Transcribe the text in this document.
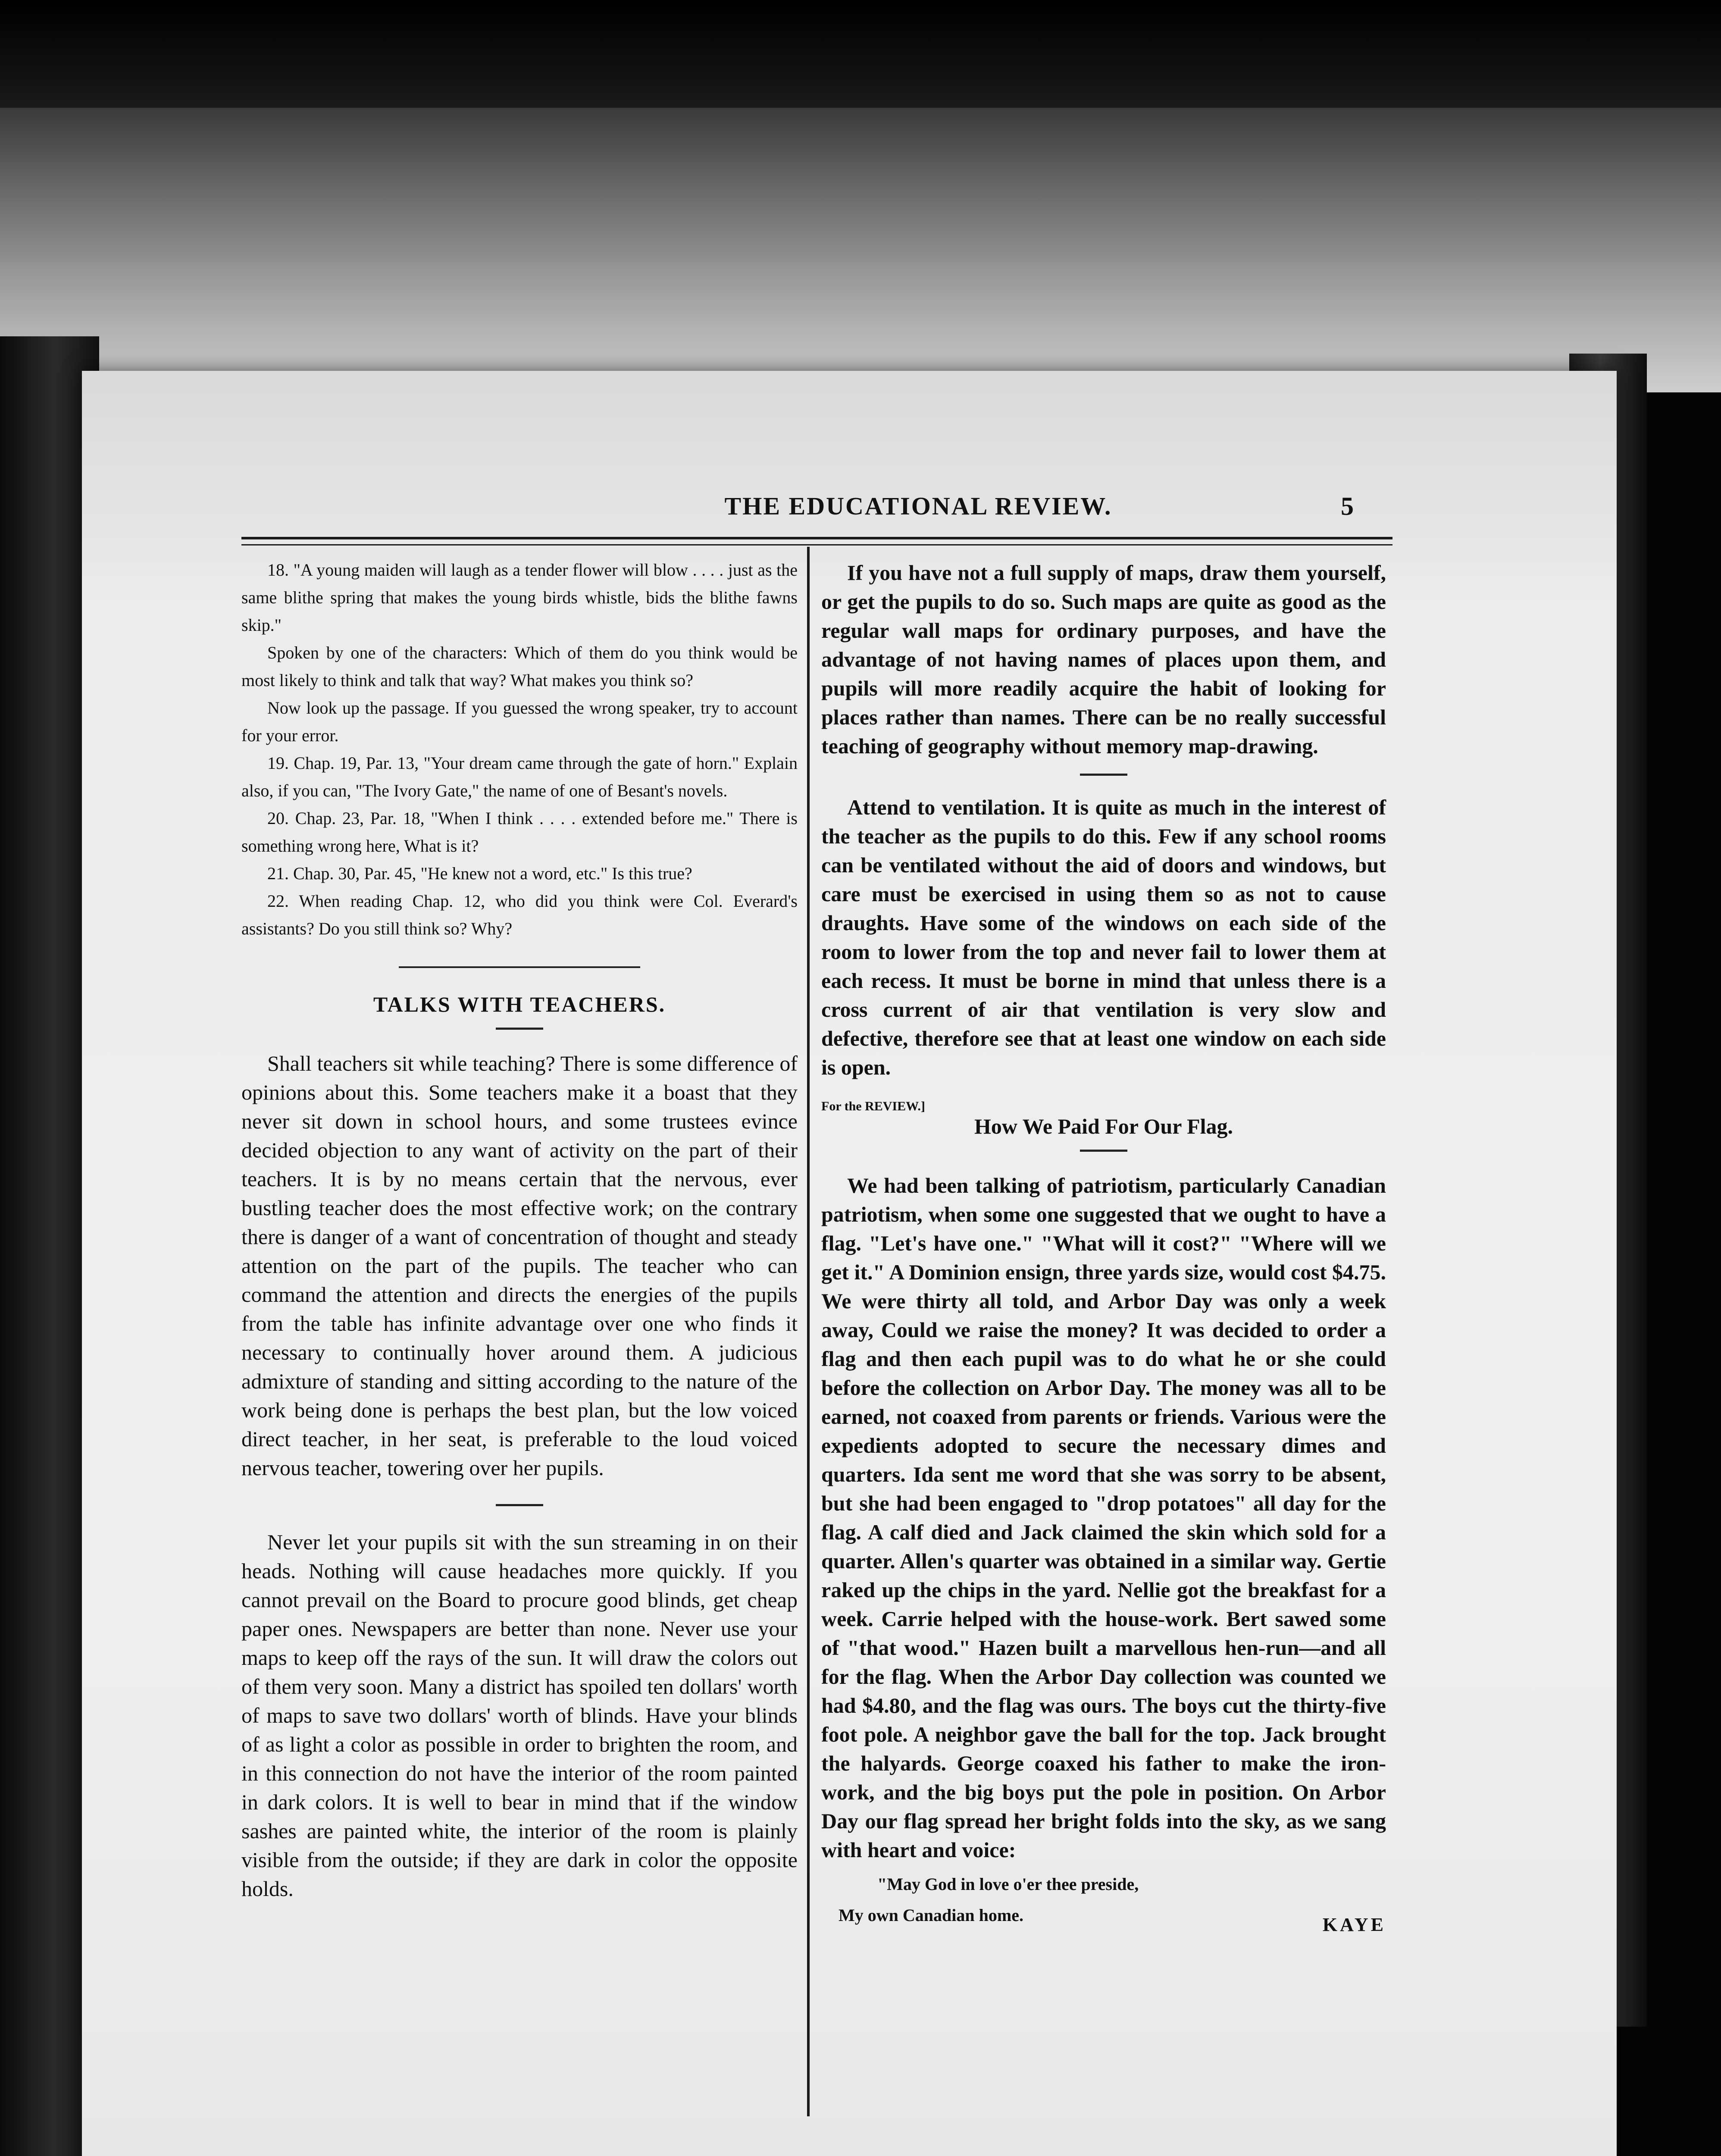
THE EDUCATIONAL REVIEW.	5

18. "A young maiden will laugh as a tender flower will blow . . . . just as the same blithe spring that makes the young birds whistle, bids the blithe fawns skip."

Spoken by one of the characters: Which of them do you think would be most likely to think and talk that way? What makes you think so?

Now look up the passage. If you guessed the wrong speaker, try to account for your error.

19. Chap. 19, Par. 13, "Your dream came through the gate of horn." Explain also, if you can, "The Ivory Gate," the name of one of Besant's novels.

20. Chap. 23, Par. 18, "When I think . . . . extended before me." There is something wrong here, What is it?

21. Chap. 30, Par. 45, "He knew not a word, etc." Is this true?

22. When reading Chap. 12, who did you think were Col. Everard's assistants? Do you still think so? Why?

TALKS WITH TEACHERS.

Shall teachers sit while teaching? There is some difference of opinions about this. Some teachers make it a boast that they never sit down in school hours, and some trustees evince decided objection to any want of activity on the part of their teachers. It is by no means certain that the nervous, ever bustling teacher does the most effective work; on the contrary there is danger of a want of concentration of thought and steady attention on the part of the pupils. The teacher who can command the attention and directs the energies of the pupils from the table has infinite advantage over one who finds it necessary to continually hover around them. A judicious admixture of standing and sitting according to the nature of the work being done is perhaps the best plan, but the low voiced direct teacher, in her seat, is preferable to the loud voiced nervous teacher, towering over her pupils.

Never let your pupils sit with the sun streaming in on their heads. Nothing will cause headaches more quickly. If you cannot prevail on the Board to procure good blinds, get cheap paper ones. Newspapers are better than none. Never use your maps to keep off the rays of the sun. It will draw the colors out of them very soon. Many a district has spoiled ten dollars' worth of maps to save two dollars' worth of blinds. Have your blinds of as light a color as possible in order to brighten the room, and in this connection do not have the interior of the room painted in dark colors. It is well to bear in mind that if the window sashes are painted white, the interior of the room is plainly visible from the outside; if they are dark in color the opposite holds.

If you have not a full supply of maps, draw them yourself, or get the pupils to do so. Such maps are quite as good as the regular wall maps for ordinary purposes, and have the advantage of not having names of places upon them, and pupils will more readily acquire the habit of looking for places rather than names. There can be no really successful teaching of geography without memory map-drawing.

Attend to ventilation. It is quite as much in the interest of the teacher as the pupils to do this. Few if any school rooms can be ventilated without the aid of doors and windows, but care must be exercised in using them so as not to cause draughts. Have some of the windows on each side of the room to lower from the top and never fail to lower them at each recess. It must be borne in mind that unless there is a cross current of air that ventilation is very slow and defective, therefore see that at least one window on each side is open.

For the REVIEW.]
How We Paid For Our Flag.

We had been talking of patriotism, particularly Canadian patriotism, when some one suggested that we ought to have a flag. "Let's have one." "What will it cost?" "Where will we get it." A Dominion ensign, three yards size, would cost $4.75. We were thirty all told, and Arbor Day was only a week away, Could we raise the money? It was decided to order a flag and then each pupil was to do what he or she could before the collection on Arbor Day. The money was all to be earned, not coaxed from parents or friends. Various were the expedients adopted to secure the necessary dimes and quarters. Ida sent me word that she was sorry to be absent, but she had been engaged to "drop potatoes" all day for the flag. A calf died and Jack claimed the skin which sold for a quarter. Allen's quarter was obtained in a similar way. Gertie raked up the chips in the yard. Nellie got the breakfast for a week. Carrie helped with the house-work. Bert sawed some of "that wood." Hazen built a marvellous hen-run—and all for the flag. When the Arbor Day collection was counted we had $4.80, and the flag was ours. The boys cut the thirty-five foot pole. A neighbor gave the ball for the top. Jack brought the halyards. George coaxed his father to make the iron-work, and the big boys put the pole in position. On Arbor Day our flag spread her bright folds into the sky, as we sang with heart and voice:

"May God in love o'er thee preside,
My own Canadian home.	KAYE
